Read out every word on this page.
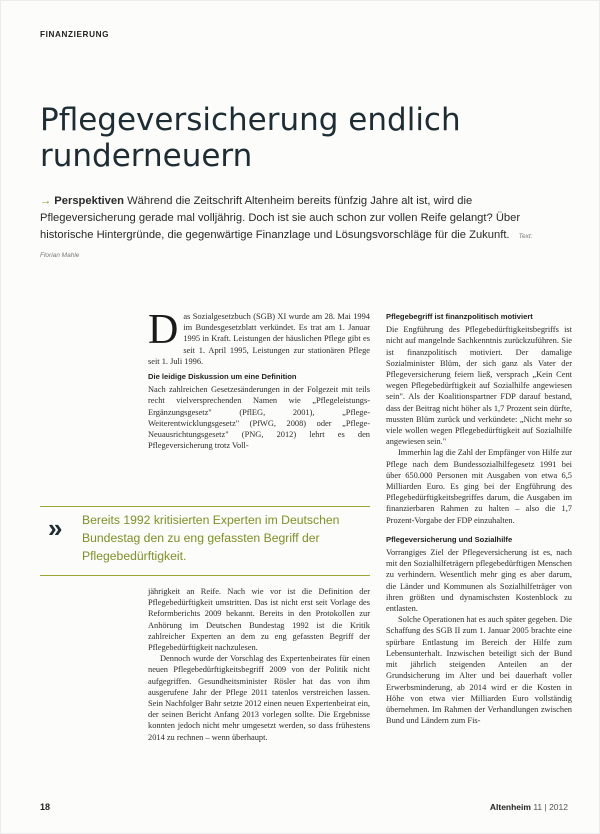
FINANZIERUNG
Pflegeversicherung endlich runderneuern
→ Perspektiven Während die Zeitschrift Altenheim bereits fünfzig Jahre alt ist, wird die Pflegeversicherung gerade mal volljährig. Doch ist sie auch schon zur vollen Reife gelangt? Über historische Hintergründe, die gegenwärtige Finanzlage und Lösungsvorschläge für die Zukunft. Text: Florian Mahle

Das Sozialgesetzbuch (SGB) XI wurde am 28. Mai 1994 im Bundesgesetzblatt verkündet. Es trat am 1. Januar 1995 in Kraft. Leistungen der häuslichen Pflege gibt es seit 1. April 1995, Leistungen zur stationären Pflege seit 1. Juli 1996.

Die leidige Diskussion um eine Definition

Nach zahlreichen Gesetzesänderungen in der Folgezeit mit teils recht vielversprechenden Namen wie „Pflegeleistungs-Ergänzungsgesetz" (PflEG, 2001), „Pflege-Weiterentwicklungsgesetz" (PfWG, 2008) oder „Pflege-Neuausrichtungsgesetz" (PNG, 2012) lehrt es den Pflegeversicherung trotz Voll-

» Bereits 1992 kritisierten Experten im Deutschen Bundestag den zu eng gefassten Begriff der Pflegebedürftigkeit.

jährigkeit an Reife. Nach wie vor ist die Definition der Pflegebedürftigkeit umstritten. Das ist nicht erst seit Vorlage des Reformberichts 2009 bekannt. Bereits in den Protokollen zur Anhörung im Deutschen Bundestag 1992 ist die Kritik zahlreicher Experten an dem zu eng gefassten Begriff der Pflegebedürftigkeit nachzulesen.

Dennoch wurde der Vorschlag des Expertenbeirates für einen neuen Pflegebedürftigkeitsbegriff 2009 von der Politik nicht aufgegriffen. Gesundheitsminister Rösler hat das von ihm ausgerufene Jahr der Pflege 2011 tatenlos verstreichen lassen. Sein Nachfolger Bahr setzte 2012 einen neuen Expertenbeirat ein, der seinen Bericht Anfang 2013 vorlegen sollte. Die Ergebnisse konnten jedoch nicht mehr umgesetzt werden, so dass frühestens 2014 zu rechnen – wenn überhaupt.

Pflegebegriff ist finanzpolitisch motiviert

Die Engführung des Pflegebedürftigkeitsbegriffs ist nicht auf mangelnde Sachkenntnis zurückzuführen. Sie ist finanzpolitisch motiviert. Der damalige Sozialminister Blüm, der sich ganz als Vater der Pflegeversicherung feiern ließ, versprach „Kein Cent wegen Pflegebedürftigkeit auf Sozialhilfe angewiesen sein". Als der Koalitionspartner FDP darauf bestand, dass der Beitrag nicht höher als 1,7 Prozent sein dürfte, mussten Blüm zurück und verkündete: „Nicht mehr so viele wollen wegen Pflegebedürftigkeit auf Sozialhilfe angewiesen sein."

Immerhin lag die Zahl der Empfänger von Hilfe zur Pflege nach dem Bundessozialhilfegesetz 1991 bei über 650.000 Personen mit Ausgaben von etwa 6,5 Milliarden Euro. Es ging bei der Engführung des Pflegebedürftigkeitsbegriffes darum, die Ausgaben im finanzierbaren Rahmen zu halten – also die 1,7 Prozent-Vorgabe der FDP einzuhalten.

Pflegeversicherung und Sozialhilfe

Vorrangiges Ziel der Pflegeversicherung ist es, nach mit den Sozialhilfeträgern pflegebedürftigen Menschen zu verhindern. Wesentlich mehr ging es aber darum, die Länder und Kommunen als Sozialhilfeträger von ihren größten und dynamischsten Kostenblock zu entlasten.

Solche Operationen hat es auch später gegeben. Die Schaffung des SGB II zum 1. Januar 2005 brachte eine spürbare Entlastung im Bereich der Hilfe zum Lebensunterhalt. Inzwischen beteiligt sich der Bund mit jährlich steigenden Anteilen an der Grundsicherung im Alter und bei dauerhaft voller Erwerbsminderung, ab 2014 wird er die Kosten in Höhe von etwa vier Milliarden Euro vollständig übernehmen. Im Rahmen der Verhandlungen zwischen Bund und Ländern zum Fis-

18	Altenheim 11 | 2012
